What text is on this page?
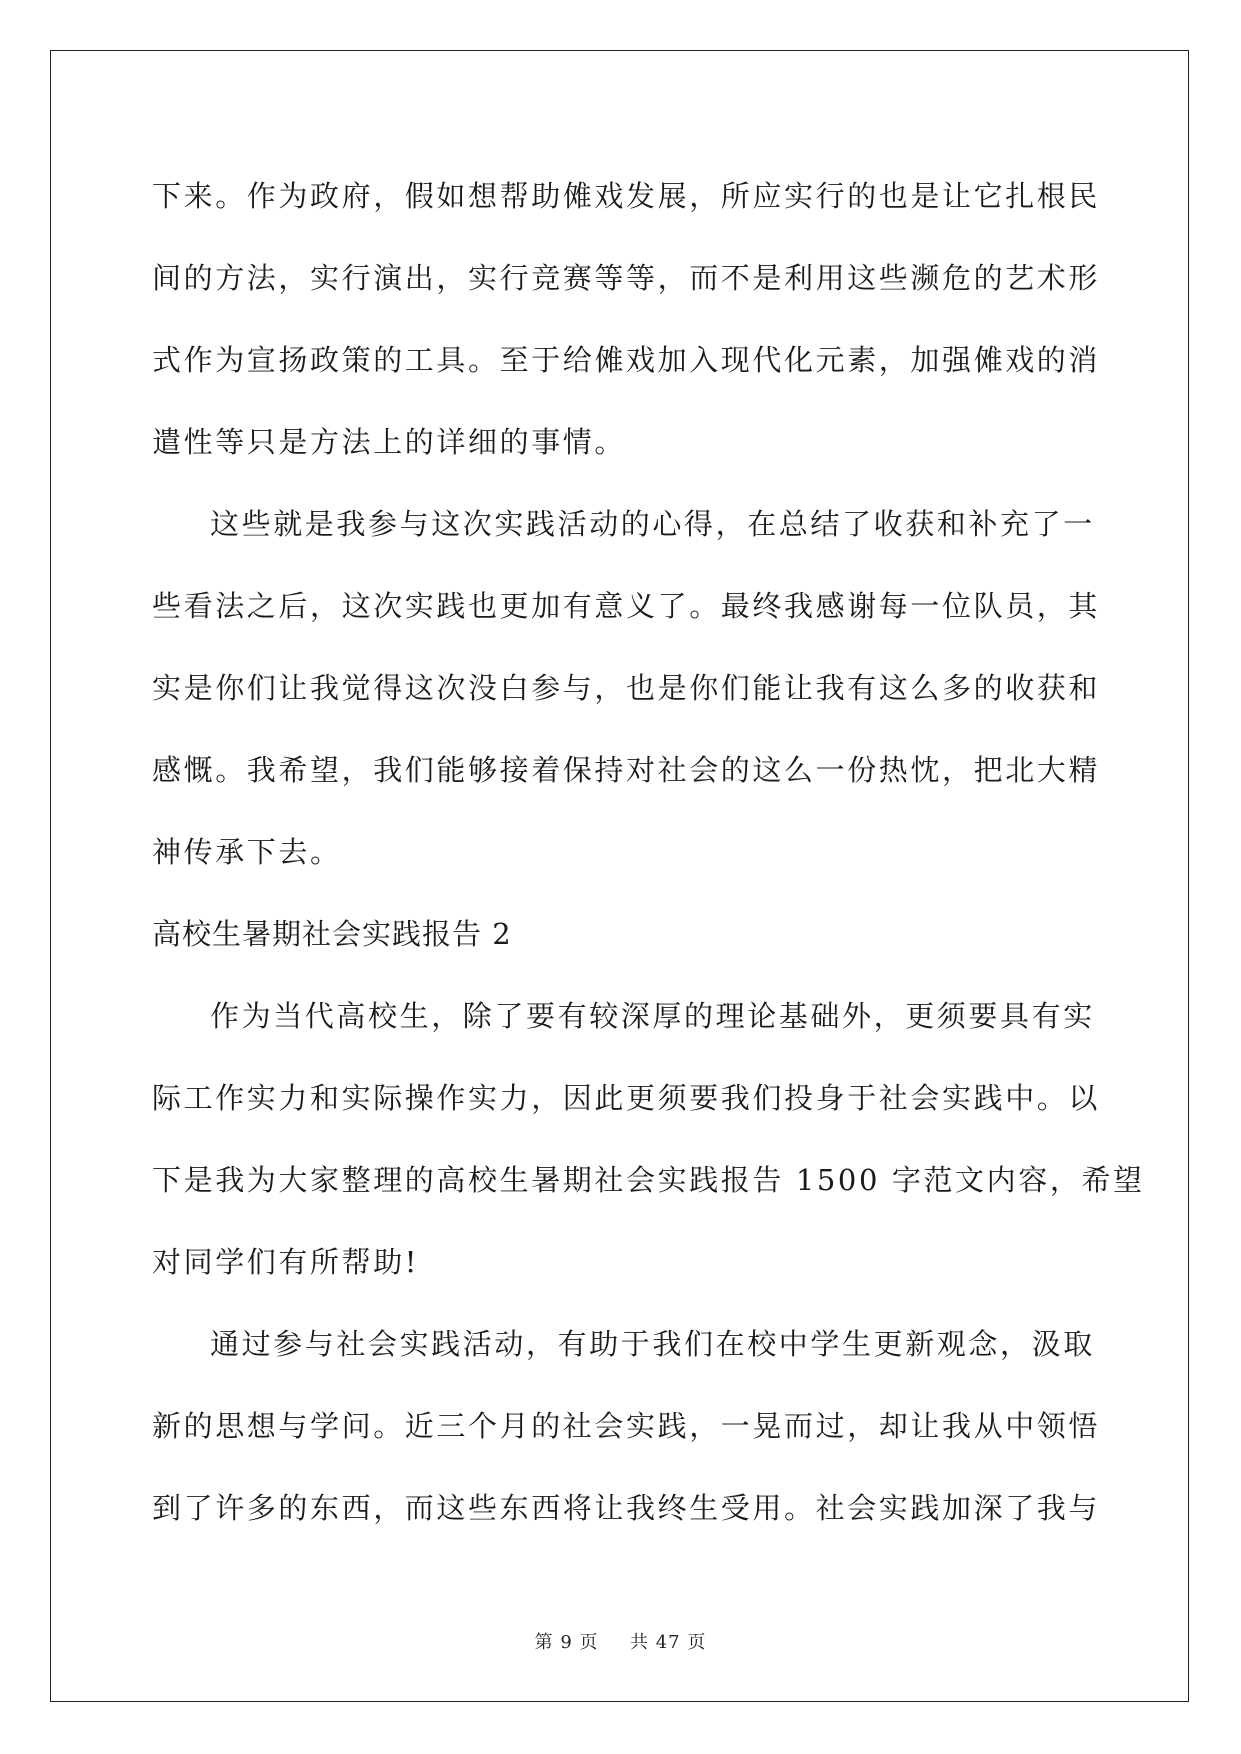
下来。作为政府，假如想帮助傩戏发展，所应实行的也是让它扎根民
间的方法，实行演出，实行竞赛等等，而不是利用这些濒危的艺术形
式作为宣扬政策的工具。至于给傩戏加入现代化元素，加强傩戏的消
遣性等只是方法上的详细的事情。
这些就是我参与这次实践活动的心得，在总结了收获和补充了一
些看法之后，这次实践也更加有意义了。最终我感谢每一位队员，其
实是你们让我觉得这次没白参与，也是你们能让我有这么多的收获和
感慨。我希望，我们能够接着保持对社会的这么一份热忱，把北大精
神传承下去。
高校生暑期社会实践报告 2
作为当代高校生，除了要有较深厚的理论基础外，更须要具有实
际工作实力和实际操作实力，因此更须要我们投身于社会实践中。以
下是我为大家整理的高校生暑期社会实践报告 1500 字范文内容，希望
对同学们有所帮助!
通过参与社会实践活动，有助于我们在校中学生更新观念，汲取
新的思想与学问。近三个月的社会实践，一晃而过，却让我从中领悟
到了许多的东西，而这些东西将让我终生受用。社会实践加深了我与
第 9 页 共 47 页
